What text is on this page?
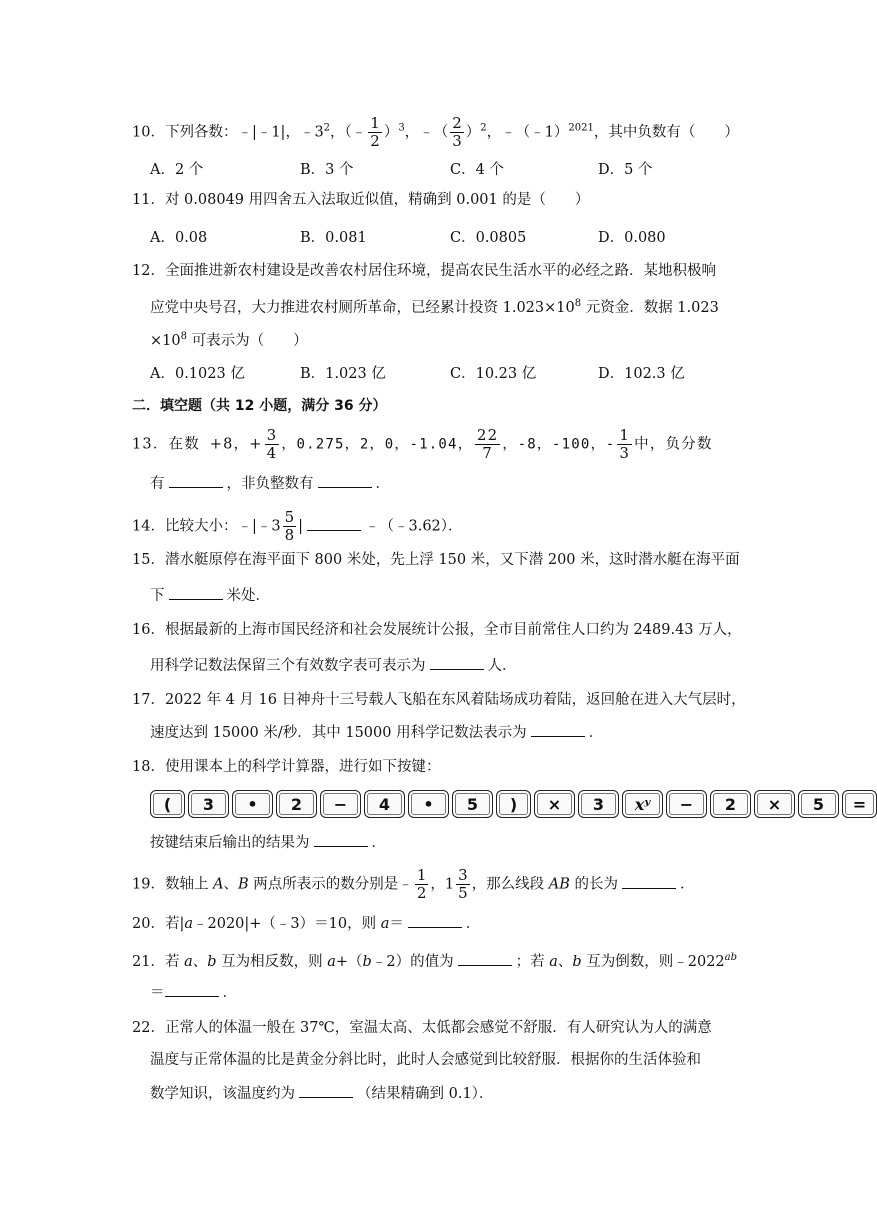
10．下列各数：﹣|﹣1|，$﹣3^2$，（﹣ $\frac{1}{2} )^3$，﹣（ $\frac{2}{3} )^2$，﹣（﹣1）$^{2021}$，其中负数有（　　）
A．2 个	B．3 个	C．4 个	D．5 个
11．对 0.08049 用四舍五入法取近似值，精确到 0.001 的是（　　）
A．0.08	B．0.081	C．0.0805	D．0.080
12．全面推进新农村建设是改善农村居住环境，提高农民生活水平的必经之路．某地积极响
应党中央号召，大力推进农村厕所革命，已经累计投资 $1.023\times 10^8$ 元资金．数据 1.023
$\times 10^8$ 可表示为（　　）
A．0.1023 亿	B．1.023 亿	C．10.23 亿	D．102.3 亿
二．填空题（共 12 小题，满分 36 分）
13．在数 +8，+ $\frac{3}{4}$ ，0.275，2，0，-1.04， $\frac{22}{7}$ ，-8，-100，- $\frac{1}{3}$ 中，负分数
有	，非负整数有	．
14．比较大小：﹣|﹣3 $\frac{5}{8}$ |	﹣（﹣3.62）．
15．潜水艇原停在海平面下 800 米处，先上浮 150 米，又下潜 200 米，这时潜水艇在海平面
下	米处．
16．根据最新的上海市国民经济和社会发展统计公报，全市目前常住人口约为 2489.43 万人，
用科学记数法保留三个有效数字表可表示为	人．
17．2022 年 4 月 16 日神舟十三号载人飞船在东风着陆场成功着陆，返回舱在进入大气层时，
速度达到 15000 米/秒．其中 15000 用科学记数法表示为	．
18．使用课本上的科学计算器，进行如下按键：
(	3	•	2	−	4	•	5	)	×	3	xʸ	−	2	×	5	=
按键结束后输出的结果为	．
19．数轴上 A、B 两点所表示的数分别是﹣ $\frac{1}{2}$ ，$1 \frac{3}{5}$ ，那么线段 AB 的长为	．
20．若|a﹣2020|+（﹣3）＝10，则 a＝	．
21．若 a、b 互为相反数，则 a+（b﹣2）的值为	；若 a、b 互为倒数，则$﹣2022^{ab}$
＝	．
22．正常人的体温一般在 37℃，室温太高、太低都会感觉不舒服．有人研究认为人的满意
温度与正常体温的比是黄金分斜比时，此时人会感觉到比较舒服．根据你的生活体验和
数学知识，该温度约为	（结果精确到 0.1）．
